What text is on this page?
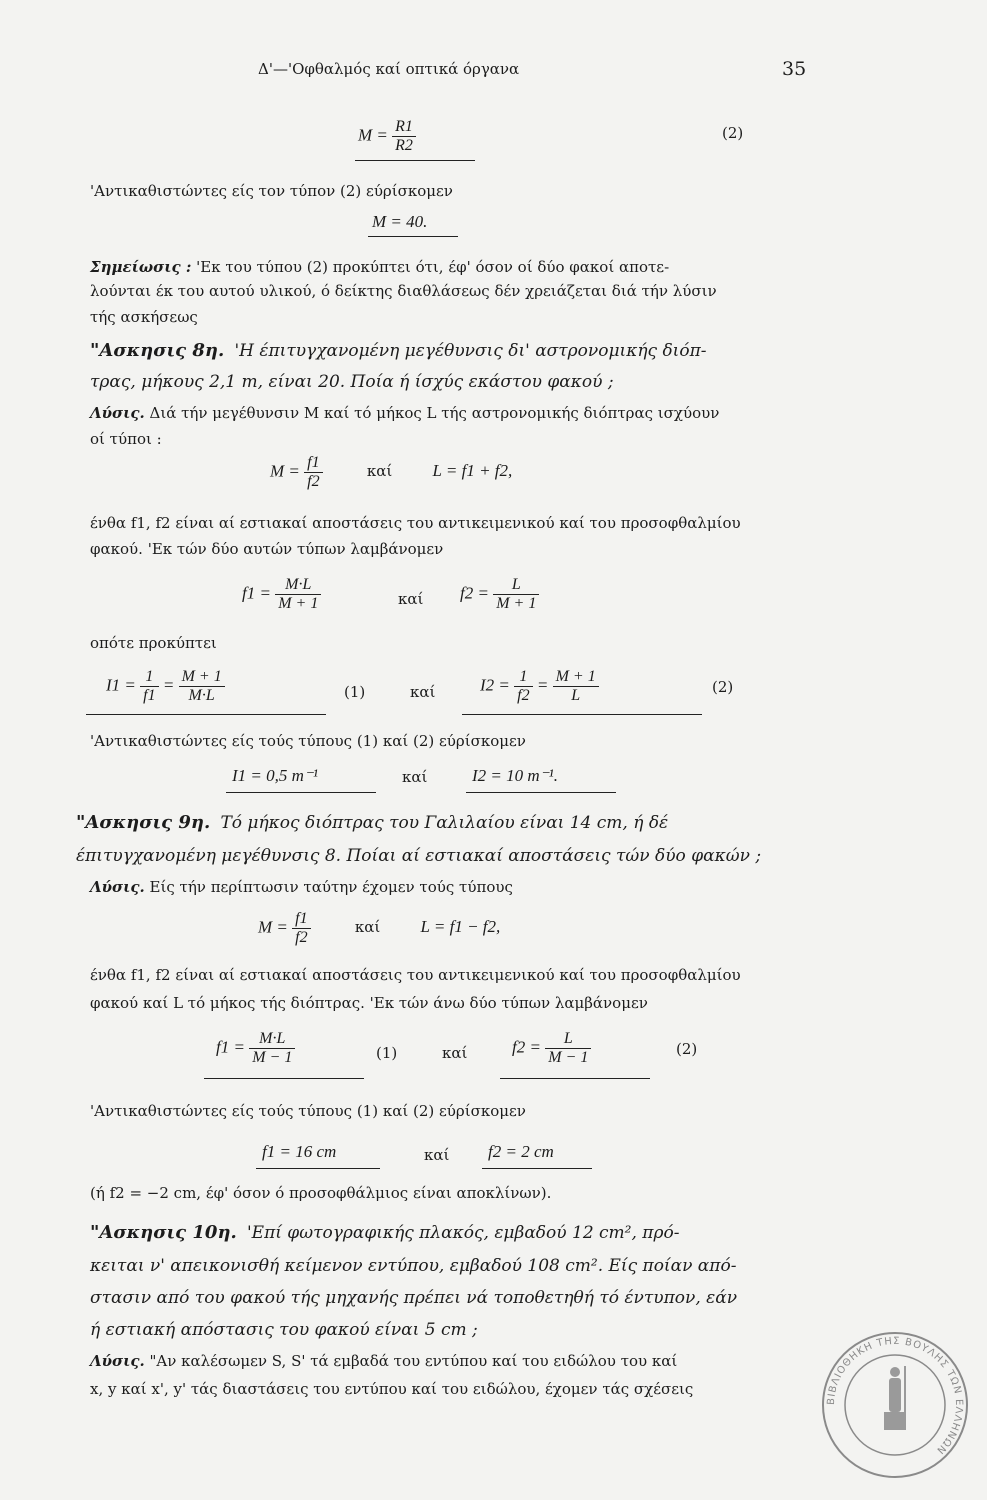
Δ'—'Οφθαλμός καί οπτικά όργανα	35
$M = \frac{R1}{R2}$	(2)
'Αντικαθιστώντες είς τον τύπον (2) εύρίσκομεν
M = 40.
Σημείωσις : 'Εκ του τύπου (2) προκύπτει ότι, έφ' όσον οί δύο φακοί αποτε-
λούνται έκ του αυτού υλικού, ό δείκτης διαθλάσεως δέν χρειάζεται διά τήν λύσιν
τής ασκήσεως
"Ασκησις 8η. 'Η έπιτυγχανομένη μεγέθυνσις δι' αστρονομικής διόπ-
τρας, μήκους 2,1 m, είναι 20. Ποία ή ίσχύς εκάστου φακού ;
Λύσις. Διά τήν μεγέθυνσιν M καί τό μήκος L τής αστρονομικής διόπτρας ισχύουν
οί τύποι :
$M = \frac{f1}{f2}$	καί L = f1 + f2,
ένθα f1, f2 είναι αί εστιακαί αποστάσεις του αντικειμενικού καί του προσοφθαλμίου
φακού. 'Εκ τών δύο αυτών τύπων λαμβάνομεν
$f1 = \frac{M\cdot L}{M + 1}$	καί $f2 = \frac{L}{M + 1}$
οπότε προκύπτει
$I1 = \frac{1}{f1} = \frac{M + 1}{M\cdot L}$	(1)	καί	$I2 = \frac{1}{f2} = \frac{M + 1}{L}$	(2)
'Αντικαθιστώντες είς τούς τύπους (1) καί (2) εύρίσκομεν
I1 = 0,5 m⁻¹	καί	I2 = 10 m⁻¹.
"Ασκησις 9η. Τό μήκος διόπτρας του Γαλιλαίου είναι 14 cm, ή δέ
έπιτυγχανομένη μεγέθυνσις 8. Ποίαι αί εστιακαί αποστάσεις τών δύο φακών ;
Λύσις. Είς τήν περίπτωσιν ταύτην έχομεν τούς τύπους
$M = \frac{f1}{f2}$	καί L = f1 − f2,
ένθα f1, f2 είναι αί εστιακαί αποστάσεις του αντικειμενικού καί του προσοφθαλμίου
φακού καί L τό μήκος τής διόπτρας. 'Εκ τών άνω δύο τύπων λαμβάνομεν
$f1 = \frac{M\cdot L}{M - 1}$	(1)	καί	$f2 = \frac{L}{M - 1}$	(2)
'Αντικαθιστώντες είς τούς τύπους (1) καί (2) εύρίσκομεν
f1 = 16 cm	καί f2 = 2 cm
(ή f2 = −2 cm, έφ' όσον ό προσοφθάλμιος είναι αποκλίνων).
"Ασκησις 10η. 'Επί φωτογραφικής πλακός, εμβαδού 12 cm², πρό-
κειται ν' απεικονισθή κείμενον εντύπου, εμβαδού 108 cm². Είς ποίαν από-
στασιν από του φακού τής μηχανής πρέπει νά τοποθετηθή τό έντυπον, εάν
ή εστιακή απόστασις του φακού είναι 5 cm ;
Λύσις. "Αν καλέσωμεν S, S' τά εμβαδά του εντύπου καί του ειδώλου του καί
x, y καί x', y' τάς διαστάσεις του εντύπου καί του ειδώλου, έχομεν τάς σχέσεις
ΒΙΒΛΙΟΘΗΚΗ ΤΗΣ ΒΟΥΛΗΣ ΤΩΝ ΕΛΛΗΝΩΝ
